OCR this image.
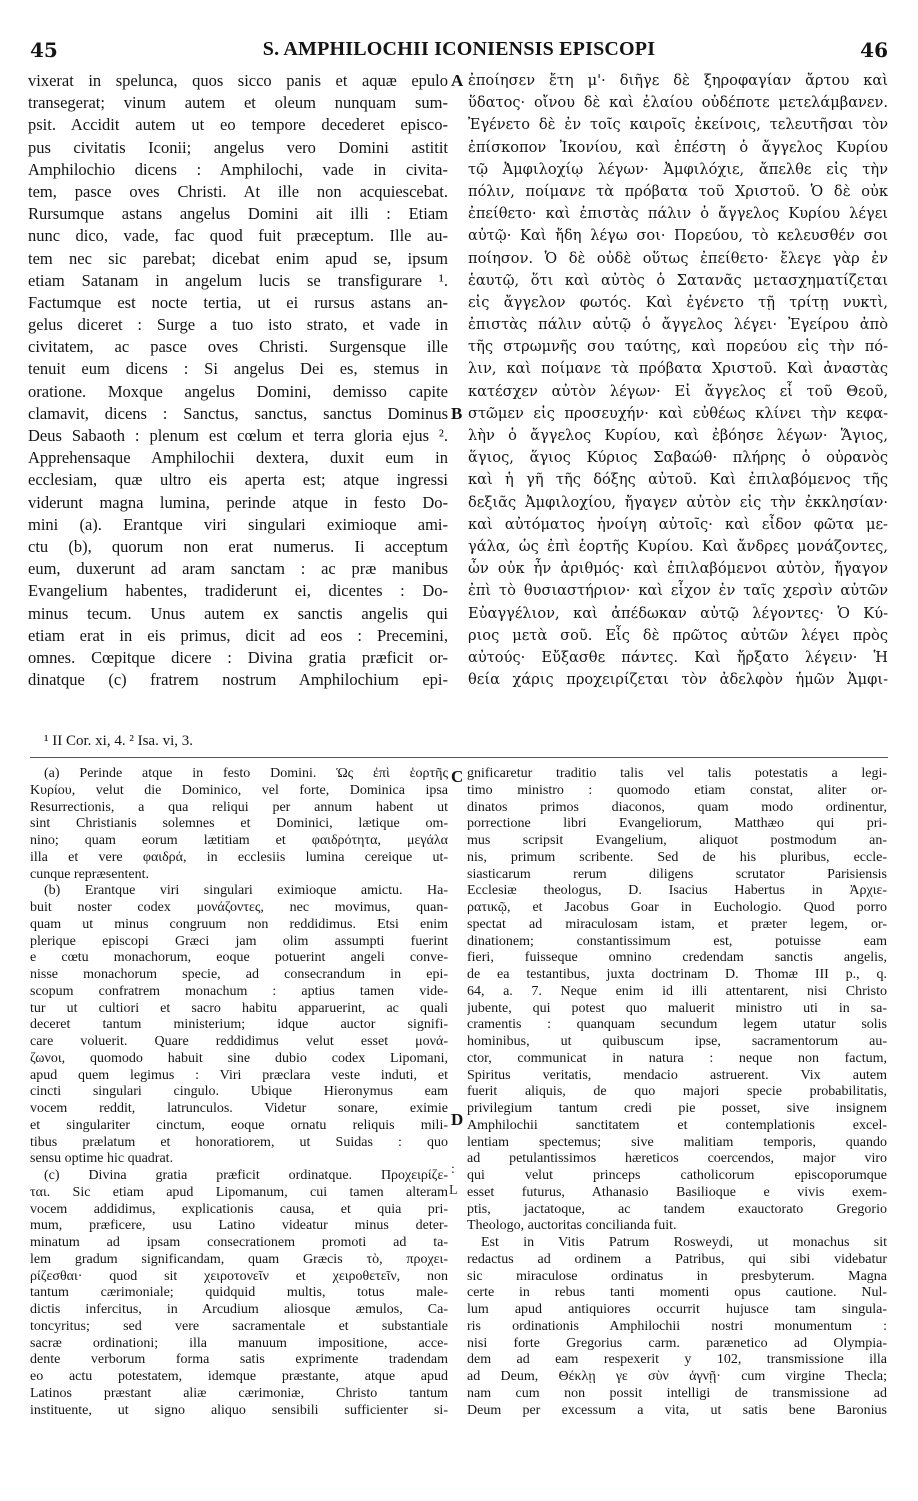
45	S. AMPHILOCHII ICONIENSIS EPISCOPI	46
vixerat in spelunca, quos sicco panis et aquæ epulo
transegerat; vinum autem et oleum nunquam sum-
psit. Accidit autem ut eo tempore decederet episco-
pus civitatis Iconii; angelus vero Domini astitit
Amphilochio dicens : Amphilochi, vade in civita-
tem, pasce oves Christi. At ille non acquiescebat.
Rursumque astans angelus Domini ait illi : Etiam
nunc dico, vade, fac quod fuit præceptum. Ille au-
tem nec sic parebat; dicebat enim apud se, ipsum
etiam Satanam in angelum lucis se transfigurare ¹.
Factumque est nocte tertia, ut ei rursus astans an-
gelus diceret : Surge a tuo isto strato, et vade in
civitatem, ac pasce oves Christi. Surgensque ille
tenuit eum dicens : Si angelus Dei es, stemus in
oratione. Moxque angelus Domini, demisso capite
clamavit, dicens : Sanctus, sanctus, sanctus Dominus
Deus Sabaoth : plenum est cœlum et terra gloria ejus ².
Apprehensaque Amphilochii dextera, duxit eum in
ecclesiam, quæ ultro eis aperta est; atque ingressi
viderunt magna lumina, perinde atque in festo Do-
mini (a). Erantque viri singulari eximioque ami-
ctu (b), quorum non erat numerus. Ii acceptum
eum, duxerunt ad aram sanctam : ac præ manibus
Evangelium habentes, tradiderunt ei, dicentes : Do-
minus tecum. Unus autem ex sanctis angelis qui
etiam erat in eis primus, dicit ad eos : Precemini,
omnes. Cœpitque dicere : Divina gratia præficit or-
dinatque (c) fratrem nostrum Amphilochium epi-
ἐποίησεν ἔτη μ'· διῆγε δὲ ξηροφαγίαν ἄρτου καὶ
ὕδατος· οἴνου δὲ καὶ ἐλαίου οὐδέποτε μετελάμβανεν.
Ἐγένετο δὲ ἐν τοῖς καιροῖς ἐκείνοις, τελευτῆσαι τὸν
ἐπίσκοπον Ἰκονίου, καὶ ἐπέστη ὁ ἄγγελος Κυρίου
τῷ Ἀμφιλοχίῳ λέγων· Ἀμφιλόχιε, ἄπελθε εἰς τὴν
πόλιν, ποίμανε τὰ πρόβατα τοῦ Χριστοῦ. Ὁ δὲ οὐκ
ἐπείθετο· καὶ ἐπιστὰς πάλιν ὁ ἄγγελος Κυρίου λέγει
αὐτῷ· Καὶ ἤδη λέγω σοι· Πορεύου, τὸ κελευσθέν σοι
ποίησον. Ὁ δὲ οὐδὲ οὕτως ἐπείθετο· ἔλεγε γὰρ ἐν
ἑαυτῷ, ὅτι καὶ αὐτὸς ὁ Σατανᾶς μετασχηματίζεται
εἰς ἄγγελον φωτός. Καὶ ἐγένετο τῇ τρίτῃ νυκτὶ,
ἐπιστὰς πάλιν αὐτῷ ὁ ἄγγελος λέγει· Ἐγείρου ἀπὸ
τῆς στρωμνῆς σου ταύτης, καὶ πορεύου εἰς τὴν πό-
λιν, καὶ ποίμανε τὰ πρόβατα Χριστοῦ. Καὶ ἀναστὰς
κατέσχεν αὐτὸν λέγων· Εἰ ἄγγελος εἶ τοῦ Θεοῦ,
στῶμεν εἰς προσευχήν· καὶ εὐθέως κλίνει τὴν κεφα-
λὴν ὁ ἄγγελος Κυρίου, καὶ ἐβόησε λέγων· Ἅγιος,
ἅγιος, ἅγιος Κύριος Σαβαώθ· πλήρης ὁ οὐρανὸς
καὶ ἡ γῆ τῆς δόξης αὐτοῦ. Καὶ ἐπιλαβόμενος τῆς
δεξιᾶς Ἀμφιλοχίου, ἤγαγεν αὐτὸν εἰς τὴν ἐκκλησίαν·
καὶ αὐτόματος ἠνοίγη αὐτοῖς· καὶ εἶδον φῶτα με-
γάλα, ὡς ἐπὶ ἑορτῆς Κυρίου. Καὶ ἄνδρες μονάζοντες,
ὧν οὐκ ἦν ἀριθμός· καὶ ἐπιλαβόμενοι αὐτὸν, ἤγαγον
ἐπὶ τὸ θυσιαστήριον· καὶ εἶχον ἐν ταῖς χερσὶν αὐτῶν
Εὐαγγέλιον, καὶ ἀπέδωκαν αὐτῷ λέγοντες· Ὁ Κύ-
ριος μετὰ σοῦ. Εἷς δὲ πρῶτος αὐτῶν λέγει πρὸς
αὐτούς· Εὔξασθε πάντες. Καὶ ἤρξατο λέγειν· Ἡ
θεία χάρις προχειρίζεται τὸν ἀδελφὸν ἡμῶν Ἀμφι-
A
B
C
D
:
L
¹ II Cor. xi, 4. ² Isa. vi, 3.
(a) Perinde atque in festo Domini. Ὡς ἐπὶ ἑορτῆς
Κυρίου, velut die Dominico, vel forte, Dominica ipsa
Resurrectionis, a qua reliqui per annum habent ut
sint Christianis solemnes et Dominici, lætique om-
nino; quam eorum lætitiam et φαιδρότητα, μεγάλα
illa et vere φαιδρά, in ecclesiis lumina cereique ut-
cunque repræsentent.
(b) Erantque viri singulari eximioque amictu. Ha-
buit noster codex μονάζοντες, nec movimus, quan-
quam ut minus congruum non reddidimus. Etsi enim
plerique episcopi Græci jam olim assumpti fuerint
e cœtu monachorum, eoque potuerint angeli conve-
nisse monachorum specie, ad consecrandum in epi-
scopum confratrem monachum : aptius tamen vide-
tur ut cultiori et sacro habitu apparuerint, ac quali
deceret tantum ministerium; idque auctor signifi-
care voluerit. Quare reddidimus velut esset μονά-
ζωνοι, quomodo habuit sine dubio codex Lipomani,
apud quem legimus : Viri præclara veste induti, et
cincti singulari cingulo. Ubique Hieronymus eam
vocem reddit, latrunculos. Videtur sonare, eximie
et singulariter cinctum, eoque ornatu reliquis mili-
tibus prælatum et honoratiorem, ut Suidas : quo
sensu optime hic quadrat.
(c) Divina gratia præficit ordinatque. Προχειρίζε-
ται. Sic etiam apud Lipomanum, cui tamen alteram
vocem addidimus, explicationis causa, et quia pri-
mum, præficere, usu Latino videatur minus deter-
minatum ad ipsam consecrationem promoti ad ta-
lem gradum significandam, quam Græcis τὸ, προχει-
ρίζεσθαι· quod sit χειροτονεῖν et χειροθετεῖν, non
tantum cærimoniale; quidquid multis, totus male-
dictis infercitus, in Arcudium aliosque æmulos, Ca-
toncyritus; sed vere sacramentale et substantiale
sacræ ordinationi; illa manuum impositione, acce-
dente verborum forma satis exprimente tradendam
eo actu potestatem, idemque præstante, atque apud
Latinos præstant aliæ cærimoniæ, Christo tantum
instituente, ut signo aliquo sensibili sufficienter si-
gnificaretur traditio talis vel talis potestatis a legi-
timo ministro : quomodo etiam constat, aliter or-
dinatos primos diaconos, quam modo ordinentur,
porrectione libri Evangeliorum, Matthæo qui pri-
mus scripsit Evangelium, aliquot postmodum an-
nis, primum scribente. Sed de his pluribus, eccle-
siasticarum rerum diligens scrutator Parisiensis
Ecclesiæ theologus, D. Isacius Habertus in Ἀρχιε-
ρατικῷ, et Jacobus Goar in Euchologio. Quod porro
spectat ad miraculosam istam, et præter legem, or-
dinationem; constantissimum est, potuisse eam
fieri, fuisseque omnino credendam sanctis angelis,
de ea testantibus, juxta doctrinam D. Thomæ III p., q.
64, a. 7. Neque enim id illi attentarent, nisi Christo
jubente, qui potest quo maluerit ministro uti in sa-
cramentis : quanquam secundum legem utatur solis
hominibus, ut quibuscum ipse, sacramentorum au-
ctor, communicat in natura : neque non factum,
Spiritus veritatis, mendacio astruerent. Vix autem
fuerit aliquis, de quo majori specie probabilitatis,
privilegium tantum credi pie posset, sive insignem
Amphilochii sanctitatem et contemplationis excel-
lentiam spectemus; sive malitiam temporis, quando
ad petulantissimos hæreticos coercendos, major viro
qui velut princeps catholicorum episcoporumque
esset futurus, Athanasio Basilioque e vivis exem-
ptis, jactatoque, ac tandem exauctorato Gregorio
Theologo, auctoritas concilianda fuit.
Est in Vitis Patrum Rosweydi, ut monachus sit
redactus ad ordinem a Patribus, qui sibi videbatur
sic miraculose ordinatus in presbyterum. Magna
certe in rebus tanti momenti opus cautione. Nul-
lum apud antiquiores occurrit hujusce tam singula-
ris ordinationis Amphilochii nostri monumentum :
nisi forte Gregorius carm. parænetico ad Olympia-
dem ad eam respexerit y 102, transmissione illa
ad Deum, Θέκλῃ γε σὺν ἁγνῇ· cum virgine Thecla;
nam cum non possit intelligi de transmissione ad
Deum per excessum a vita, ut satis bene Baronius
